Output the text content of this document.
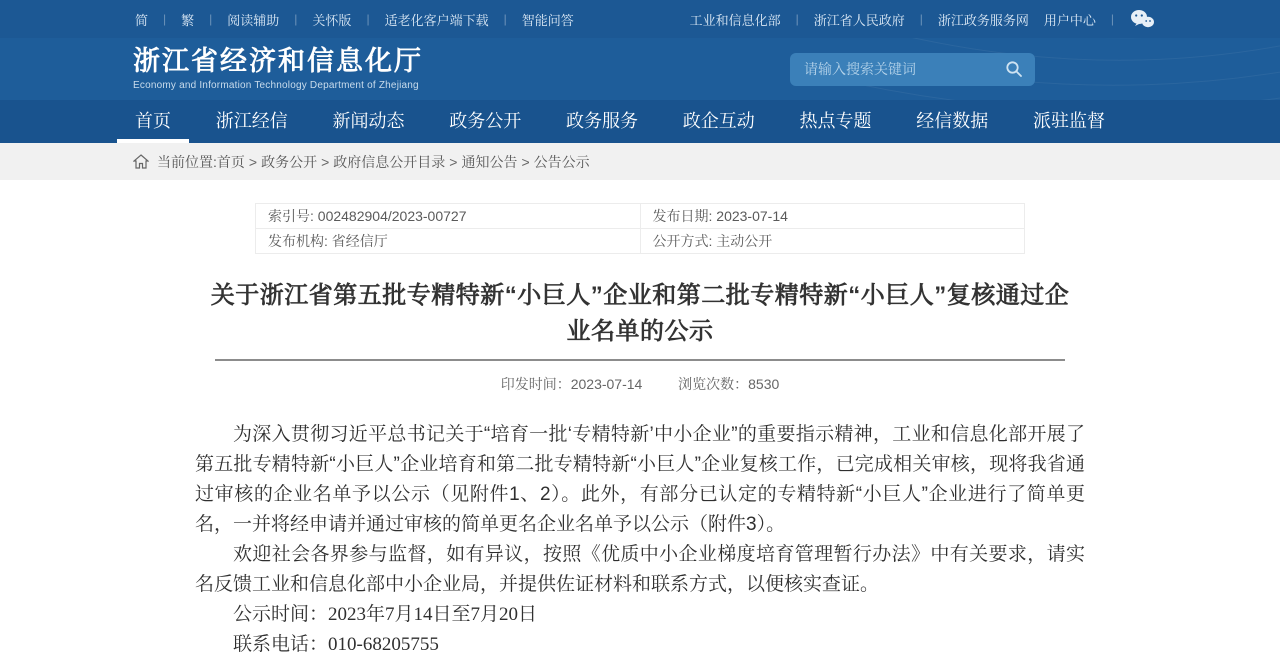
简 | 繁 | 阅读辅助 | 关怀版 | 适老化客户端下载 | 智能问答	工业和信息化部 | 浙江省人民政府 | 浙江政务服务网 用户中心 |
浙江省经济和信息化厅
Economy and Information Technology Department of Zhejiang
请输入搜索关键词
首页 浙江经信 新闻动态 政务公开 政务服务 政企互动 热点专题 经信数据 派驻监督
当前位置: 首页 > 政务公开 > 政府信息公开目录 > 通知公告 > 公告公示
索引号: 002482904/2023-00727	发布日期: 2023-07-14
发布机构: 省经信厅	公开方式: 主动公开
关于浙江省第五批专精特新“小巨人”企业和第二批专精特新“小巨人”复核通过企业名单的公示
印发时间：2023-07-14	浏览次数：8530

为深入贯彻习近平总书记关于“培育一批‘专精特新’中小企业”的重要指示精神，工业和信息化部开展了第五批专精特新“小巨人”企业培育和第二批专精特新“小巨人”企业复核工作，已完成相关审核，现将我省通过审核的企业名单予以公示（见附件1、2）。此外，有部分已认定的专精特新“小巨人”企业进行了简单更名，一并将经申请并通过审核的简单更名企业名单予以公示（附件3）。

欢迎社会各界参与监督，如有异议，按照《优质中小企业梯度培育管理暂行办法》中有关要求，请实名反馈工业和信息化部中小企业局，并提供佐证材料和联系方式，以便核实查证。

公示时间：2023年7月14日至7月20日

联系电话：010-68205755
